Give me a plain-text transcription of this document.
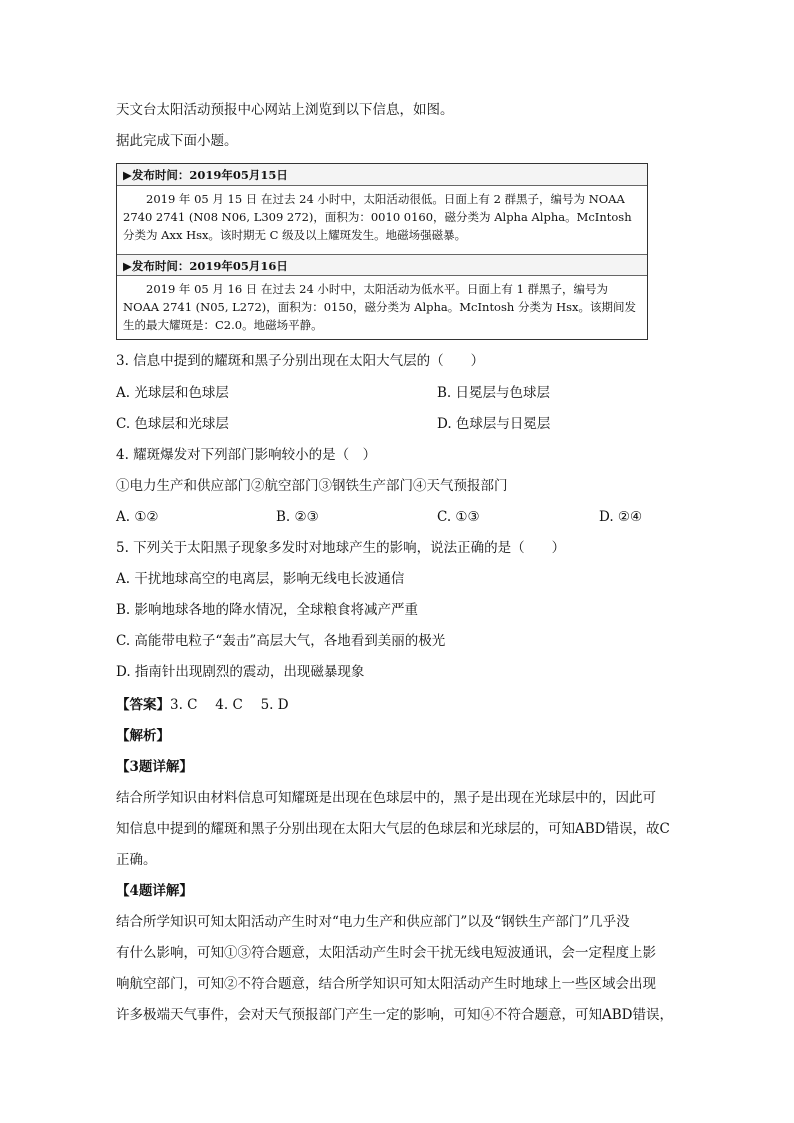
天文台太阳活动预报中心网站上浏览到以下信息，如图。
据此完成下面小题。
▶发布时间：2019年05月15日
2019 年 05 月 15 日 在过去 24 小时中，太阳活动很低。日面上有 2 群黑子，编号为 NOAA 2740 2741 (N08 N06, L309 272)，面积为：0010 0160，磁分类为 Alpha Alpha。McIntosh 分类为 Axx Hsx。该时期无 C 级及以上耀斑发生。地磁场强磁暴。
▶发布时间：2019年05月16日
2019 年 05 月 16 日 在过去 24 小时中，太阳活动为低水平。日面上有 1 群黑子，编号为 NOAA 2741 (N05, L272)，面积为：0150，磁分类为 Alpha。McIntosh 分类为 Hsx。该期间发生的最大耀斑是：C2.0。地磁场平静。
3. 信息中提到的耀斑和黑子分别出现在太阳大气层的（　　）
A. 光球层和色球层	B. 日冕层与色球层
C. 色球层和光球层	D. 色球层与日冕层
4. 耀斑爆发对下列部门影响较小的是（　）
①电力生产和供应部门②航空部门③钢铁生产部门④天气预报部门
A. ①②	B. ②③	C. ①③	D. ②④
5. 下列关于太阳黑子现象多发时对地球产生的影响，说法正确的是（　　）
A. 干扰地球高空的电离层，影响无线电长波通信
B. 影响地球各地的降水情况，全球粮食将减产严重
C. 高能带电粒子“轰击”高层大气，各地看到美丽的极光
D. 指南针出现剧烈的震动，出现磁暴现象
【答案】3. C　 4. C　 5. D
【解析】
【3题详解】
结合所学知识由材料信息可知耀斑是出现在色球层中的，黑子是出现在光球层中的，因此可
知信息中提到的耀斑和黑子分别出现在太阳大气层的色球层和光球层的，可知ABD错误，故C
正确。
【4题详解】
结合所学知识可知太阳活动产生时对“电力生产和供应部门”以及“钢铁生产部门”几乎没
有什么影响，可知①③符合题意，太阳活动产生时会干扰无线电短波通讯，会一定程度上影
响航空部门，可知②不符合题意，结合所学知识可知太阳活动产生时地球上一些区域会出现
许多极端天气事件，会对天气预报部门产生一定的影响，可知④不符合题意，可知ABD错误，
